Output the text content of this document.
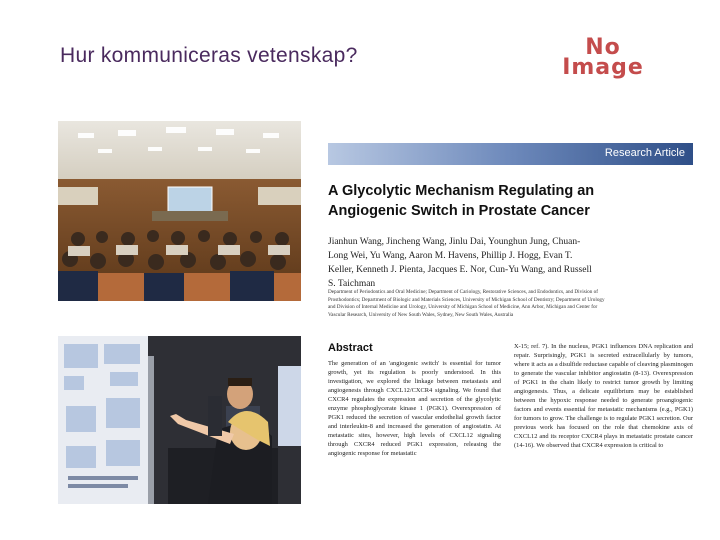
Hur kommuniceras vetenskap?	No
Image
Research Article
A Glycolytic Mechanism Regulating an Angiogenic Switch in Prostate Cancer
Jianhun Wang, Jincheng Wang, Jinlu Dai, Younghun Jung, Chuan-Long Wei, Yu Wang, Aaron M. Havens, Phillip J. Hogg, Evan T. Keller, Kenneth J. Pienta, Jacques E. Nor, Cun-Yu Wang, and Russell S. Taichman
Department of Periodontics and Oral Medicine; Department of Cariology, Restorative Sciences, and Endodontics, and Division of Prosthodontics; Department of Biologic and Materials Sciences, University of Michigan School of Dentistry; Department of Urology and Division of Internal Medicine and Urology, University of Michigan School of Medicine, Ann Arbor, Michigan and Center for Vascular Research, University of New South Wales, Sydney, New South Wales, Australia
Abstract
The generation of an 'angiogenic switch' is essential for tumor growth, yet its regulation is poorly understood. In this investigation, we explored the linkage between metastasis and angiogenesis through CXCL12/CXCR4 signaling. We found that CXCR4 regulates the expression and secretion of the glycolytic enzyme phosphoglycerate kinase 1 (PGK1). Overexpression of PGK1 reduced the secretion of vascular endothelial growth factor and interleukin-8 and increased the generation of angiostatin. At metastatic sites, however, high levels of CXCL12 signaling through CXCR4 reduced PGK1 expression, releasing the angiogenic response for metastatic
X-15; ref. 7). In the nucleus, PGK1 influences DNA replication and repair. Surprisingly, PGK1 is secreted extracellularly by tumors, where it acts as a disulfide reductase capable of cleaving plasminogen to generate the vascular inhibitor angiostatin (8-13). Overexpression of PGK1 in the chain likely to restrict tumor growth by limiting angiogenesis. Thus, a delicate equilibrium may be established between the hypoxic response needed to generate proangiogenic factors and events essential for metastatic mechanisms (e.g., PGK1) for tumors to grow. The challenge is to regulate PGK1 secretion. Our previous work has focused on the role that chemokine axis of CXCL12 and its receptor CXCR4 plays in metastatic prostate cancer (14-16). We observed that CXCR4 expression is critical to
